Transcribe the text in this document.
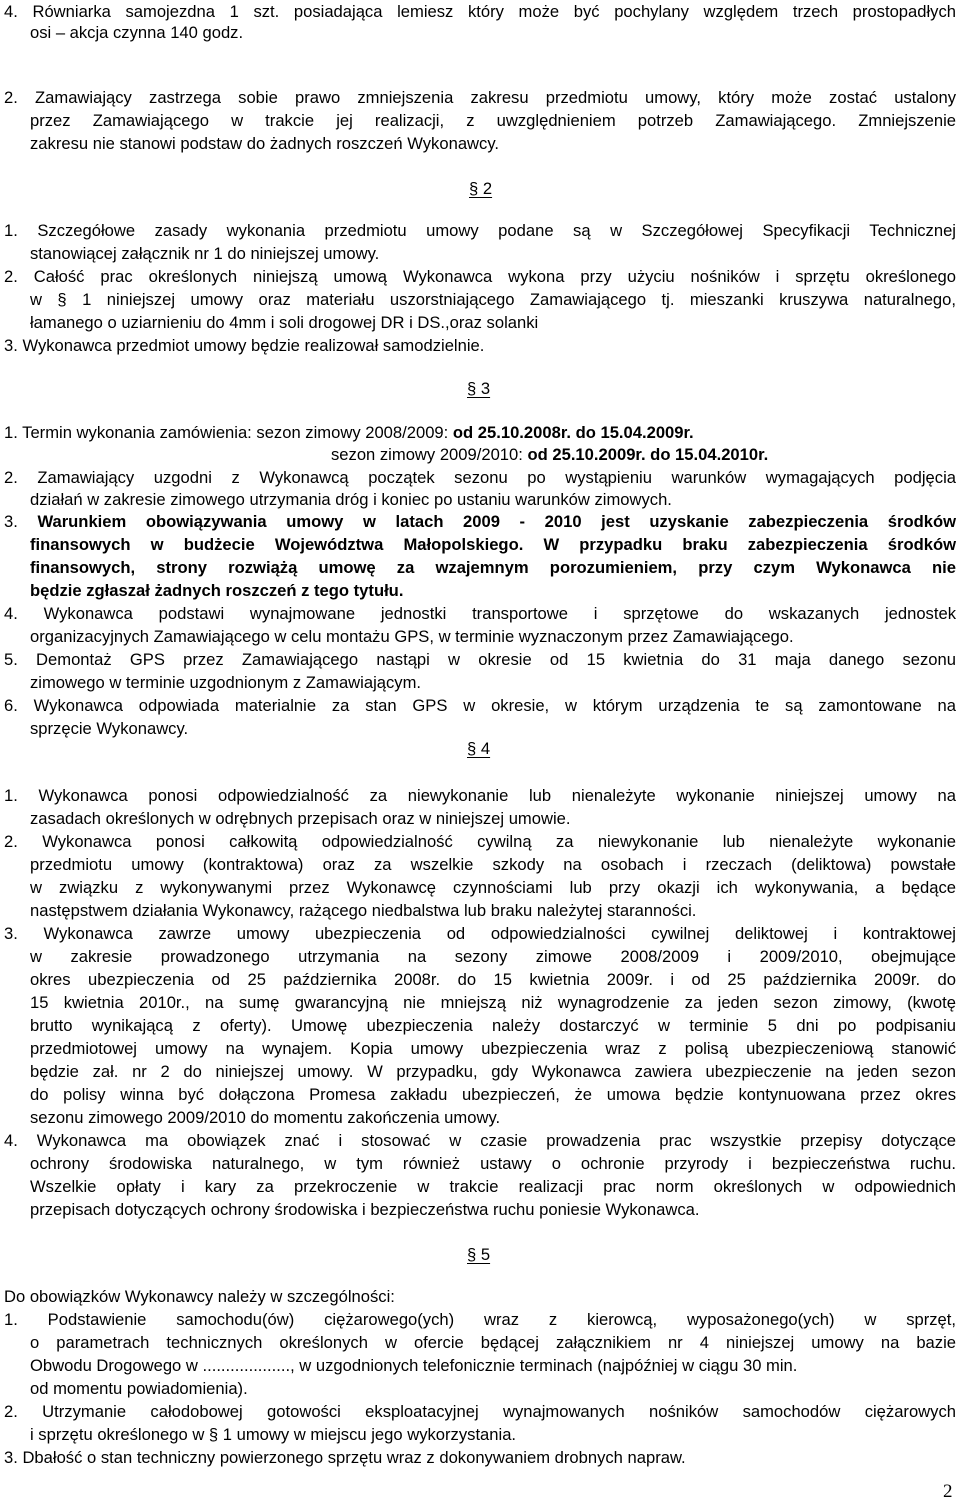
4. Równiarka samojezdna 1 szt. posiadająca lemiesz który może być pochylany względem trzech prostopadłych
osi – akcja czynna 140 godz.
2. Zamawiający zastrzega sobie prawo zmniejszenia zakresu przedmiotu umowy, który może zostać ustalony
przez Zamawiającego w trakcie jej realizacji, z uwzględnieniem potrzeb Zamawiającego. Zmniejszenie
zakresu nie stanowi podstaw do żadnych roszczeń Wykonawcy.
1. Szczegółowe zasady wykonania przedmiotu umowy podane są w Szczegółowej Specyfikacji Technicznej
stanowiącej załącznik nr 1 do niniejszej umowy.
2. Całość prac określonych niniejszą umową Wykonawca wykona przy użyciu nośników i sprzętu określonego
w § 1 niniejszej umowy oraz materiału uszorstniającego Zamawiającego tj. mieszanki kruszywa naturalnego,
łamanego o uziarnieniu do 4mm i soli drogowej DR i DS.,oraz solanki
3. Wykonawca przedmiot umowy będzie realizował samodzielnie.
1. Termin wykonania zamówienia: sezon zimowy 2008/2009: od 25.10.2008r. do 15.04.2009r.
sezon zimowy 2009/2010: od 25.10.2009r. do 15.04.2010r.
2. Zamawiający uzgodni z Wykonawcą początek sezonu po wystąpieniu warunków wymagających podjęcia
działań w zakresie zimowego utrzymania dróg i koniec po ustaniu warunków zimowych.
3. Warunkiem obowiązywania umowy w latach 2009 - 2010 jest uzyskanie zabezpieczenia środków
finansowych w budżecie Województwa Małopolskiego. W przypadku braku zabezpieczenia środków
finansowych, strony rozwiążą umowę za wzajemnym porozumieniem, przy czym Wykonawca nie
będzie zgłaszał żadnych roszczeń z tego tytułu.
4. Wykonawca podstawi wynajmowane jednostki transportowe i sprzętowe do wskazanych jednostek
organizacyjnych Zamawiającego w celu montażu GPS, w terminie wyznaczonym przez Zamawiającego.
5. Demontaż GPS przez Zamawiającego nastąpi w okresie od 15 kwietnia do 31 maja danego sezonu
zimowego w terminie uzgodnionym z Zamawiającym.
6. Wykonawca odpowiada materialnie za stan GPS w okresie, w którym urządzenia te są zamontowane na
sprzęcie Wykonawcy.
1. Wykonawca ponosi odpowiedzialność za niewykonanie lub nienależyte wykonanie niniejszej umowy na
zasadach określonych w odrębnych przepisach oraz w niniejszej umowie.
2. Wykonawca ponosi całkowitą odpowiedzialność cywilną za niewykonanie lub nienależyte wykonanie
przedmiotu umowy (kontraktowa) oraz za wszelkie szkody na osobach i rzeczach (deliktowa) powstałe
w związku z wykonywanymi przez Wykonawcę czynnościami lub przy okazji ich wykonywania, a będące
następstwem działania Wykonawcy, rażącego niedbalstwa lub braku należytej staranności.
3. Wykonawca zawrze umowy ubezpieczenia od odpowiedzialności cywilnej deliktowej i kontraktowej
w zakresie prowadzonego utrzymania na sezony zimowe 2008/2009 i 2009/2010, obejmujące
okres ubezpieczenia od 25 października 2008r. do 15 kwietnia 2009r. i od 25 października 2009r. do
15 kwietnia 2010r., na sumę gwarancyjną nie mniejszą niż wynagrodzenie za jeden sezon zimowy, (kwotę
brutto wynikającą z oferty). Umowę ubezpieczenia należy dostarczyć w terminie 5 dni po podpisaniu
przedmiotowej umowy na wynajem. Kopia umowy ubezpieczenia wraz z polisą ubezpieczeniową stanowić
będzie zał. nr 2 do niniejszej umowy. W przypadku, gdy Wykonawca zawiera ubezpieczenie na jeden sezon
do polisy winna być dołączona Promesa zakładu ubezpieczeń, że umowa będzie kontynuowana przez okres
sezonu zimowego 2009/2010 do momentu zakończenia umowy.
4. Wykonawca ma obowiązek znać i stosować w czasie prowadzenia prac wszystkie przepisy dotyczące
ochrony środowiska naturalnego, w tym również ustawy o ochronie przyrody i bezpieczeństwa ruchu.
Wszelkie opłaty i kary za przekroczenie w trakcie realizacji prac norm określonych w odpowiednich
przepisach dotyczących ochrony środowiska i bezpieczeństwa ruchu poniesie Wykonawca.
Do obowiązków Wykonawcy należy w szczególności:
1. Podstawienie samochodu(ów) ciężarowego(ych) wraz z kierowcą, wyposażonego(ych) w sprzęt,
o parametrach technicznych określonych w ofercie będącej załącznikiem nr 4 niniejszej umowy na bazie
Obwodu Drogowego w ..................., w uzgodnionych telefonicznie terminach (najpóźniej w ciągu 30 min.
od momentu powiadomienia).
2. Utrzymanie całodobowej gotowości eksploatacyjnej wynajmowanych nośników samochodów ciężarowych
i sprzętu określonego w § 1 umowy w miejscu jego wykorzystania.
3. Dbałość o stan techniczny powierzonego sprzętu wraz z dokonywaniem drobnych napraw.
§ 2
§ 3
§ 4
§ 5
2
